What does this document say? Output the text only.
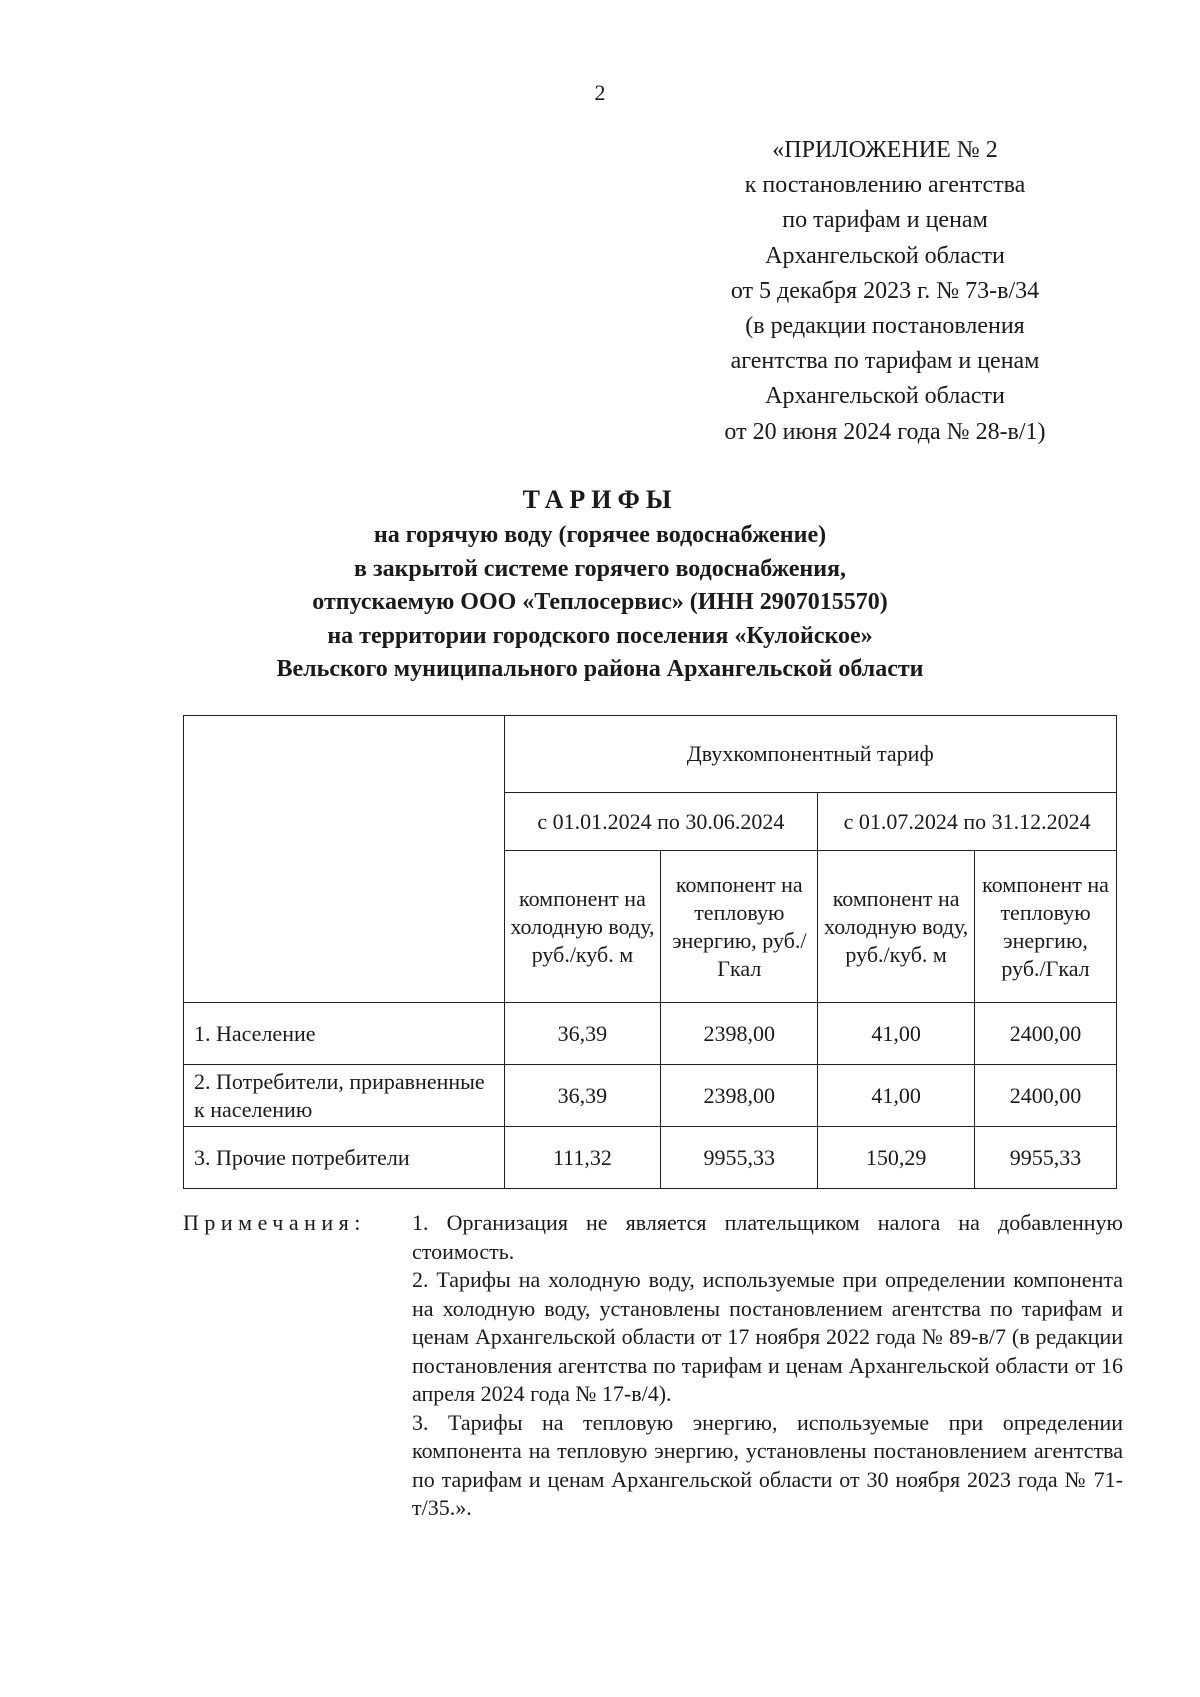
2
«ПРИЛОЖЕНИЕ № 2
к постановлению агентства
по тарифам и ценам
Архангельской области
от 5 декабря 2023 г. № 73-в/34
(в редакции постановления
агентства по тарифам и ценам
Архангельской области
от 20 июня 2024 года № 28-в/1)
ТАРИФЫ
на горячую воду (горячее водоснабжение)
в закрытой системе горячего водоснабжения,
отпускаемую ООО «Теплосервис» (ИНН 2907015570)
на территории городского поселения «Кулойское»
Вельского муниципального района Архангельской области
	Двухкомпонентный тариф			
	с 01.01.2024 по 30.06.2024		с 01.07.2024 по 31.12.2024	
	компонент на холодную воду, руб./куб. м	компонент на тепловую энергию, руб./Гкал	компонент на холодную воду, руб./куб. м	компонент на тепловую энергию, руб./Гкал
1. Население	36,39	2398,00	41,00	2400,00
2. Потребители, приравненные к населению	36,39	2398,00	41,00	2400,00
3. Прочие потребители	111,32	9955,33	150,29	9955,33
Примечания: 1. Организация не является плательщиком налога на добавленную стоимость.
2. Тарифы на холодную воду, используемые при определении компонента на холодную воду, установлены постановлением агентства по тарифам и ценам Архангельской области от 17 ноября 2022 года № 89-в/7 (в редакции постановления агентства по тарифам и ценам Архангельской области от 16 апреля 2024 года № 17-в/4).
3. Тарифы на тепловую энергию, используемые при определении компонента на тепловую энергию, установлены постановлением агентства по тарифам и ценам Архангельской области от 30 ноября 2023 года № 71-т/35.».
